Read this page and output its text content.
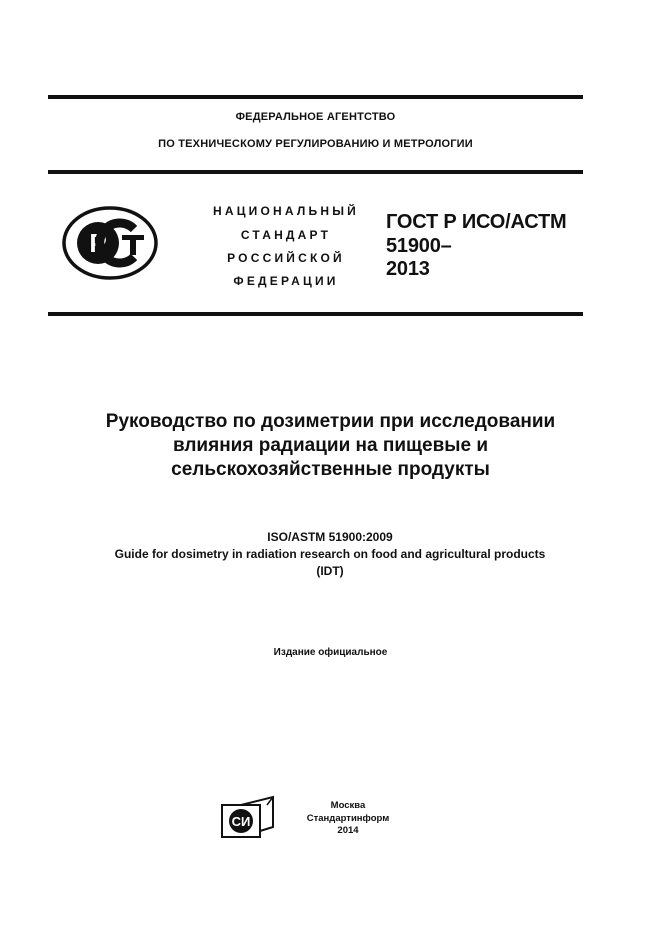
ФЕДЕРАЛЬНОЕ АГЕНТСТВО
ПО ТЕХНИЧЕСКОМУ РЕГУЛИРОВАНИЮ И МЕТРОЛОГИИ
Р
НАЦИОНАЛЬНЫЙ
СТАНДАРТ
РОССИЙСКОЙ
ФЕДЕРАЦИИ
ГОСТ Р ИСО/АСТМ
51900–
2013
Руководство по дозиметрии при исследовании
влияния радиации на пищевые и
сельскохозяйственные продукты
ISO/ASTM 51900:2009
Guide for dosimetry in radiation research on food and agricultural products
(IDT)
Издание официальное
СИ
Москва
Стандартинформ
2014
